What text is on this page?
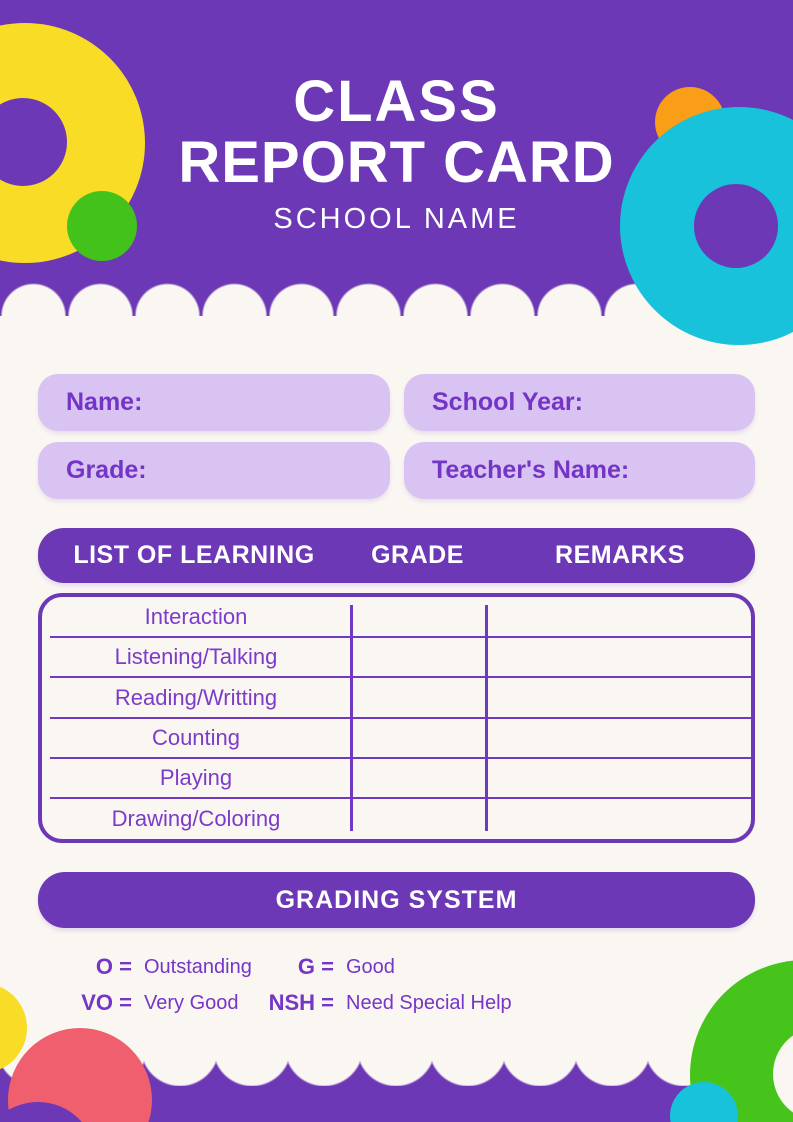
CLASS
REPORT CARD
SCHOOL NAME
Name:	School Year:
Grade:	Teacher's Name:
LIST OF LEARNING	GRADE	REMARKS
Interaction
Listening/Talking
Reading/Writting
Counting
Playing
Drawing/Coloring
GRADING SYSTEM
O = Outstanding	G = Good
VO = Very Good	NSH = Need Special Help
